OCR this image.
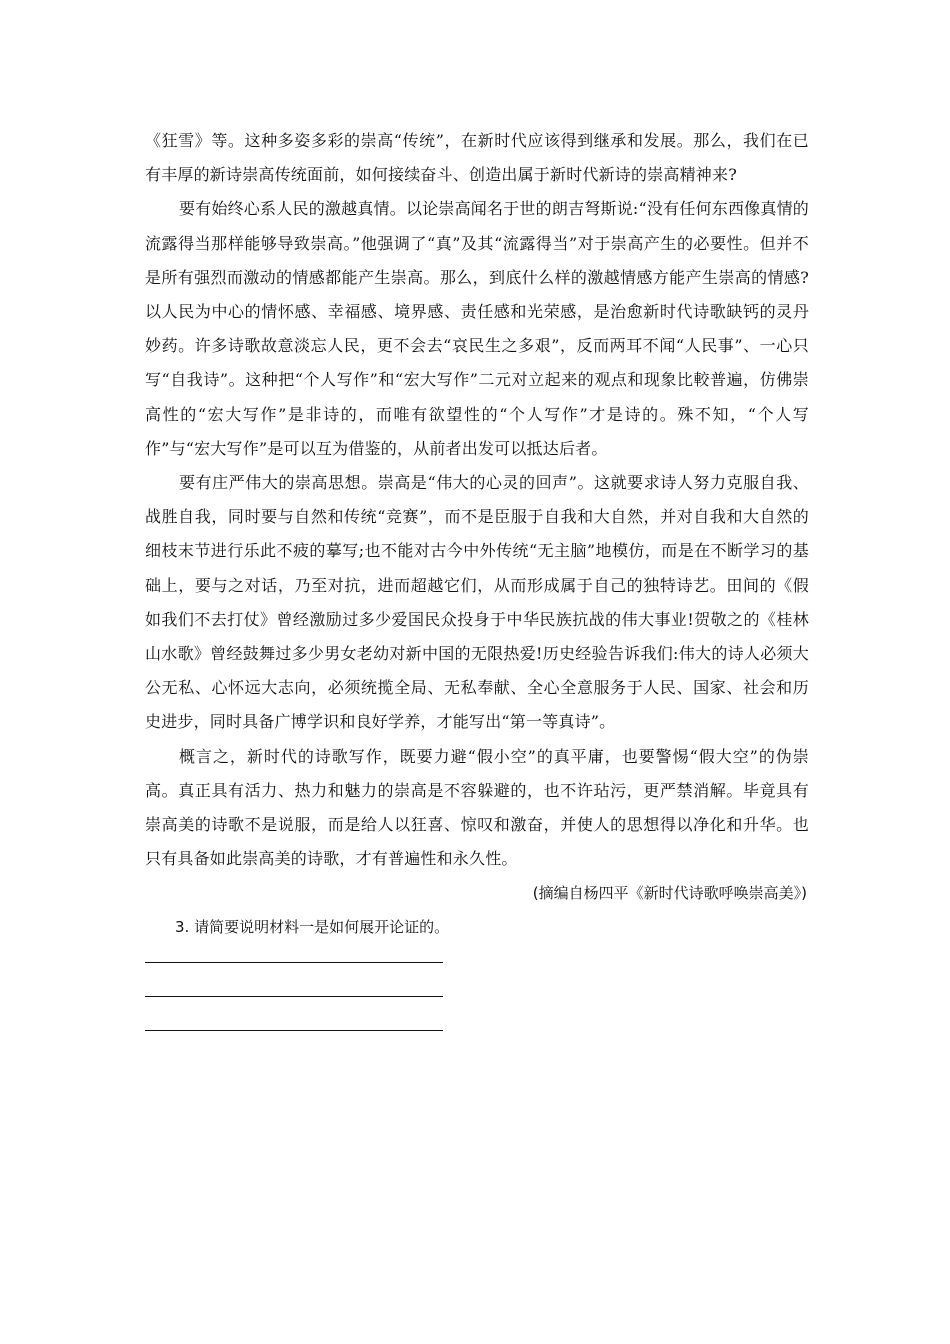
《狂雪》等。这种多姿多彩的崇高“传统”，在新时代应该得到继承和发展。那么，我们在已有丰厚的新诗崇高传统面前，如何接续奋斗、创造出属于新时代新诗的崇高精神来?

要有始终心系人民的激越真情。以论崇高闻名于世的朗吉弩斯说:“没有任何东西像真情的流露得当那样能够导致崇高。”他强调了“真”及其“流露得当”对于崇高产生的必要性。但并不是所有强烈而激动的情感都能产生崇高。那么，到底什么样的激越情感方能产生崇高的情感?以人民为中心的情怀感、幸福感、境界感、责任感和光荣感，是治愈新时代诗歌缺钙的灵丹妙药。许多诗歌故意淡忘人民，更不会去“哀民生之多艰”，反而两耳不闻“人民事”、一心只写“自我诗”。这种把“个人写作”和“宏大写作”二元对立起来的观点和现象比較普遍，仿佛崇高性的“宏大写作”是非诗的，而唯有欲望性的“个人写作”才是诗的。殊不知，“个人写作”与“宏大写作”是可以互为借鉴的，从前者出发可以抵达后者。

要有庄严伟大的崇高思想。崇高是“伟大的心灵的回声”。这就要求诗人努力克服自我、战胜自我，同时要与自然和传统“竞赛”，而不是臣服于自我和大自然，并对自我和大自然的细枝末节进行乐此不疲的摹写;也不能对古今中外传统“无主脑”地模仿，而是在不断学习的基础上，要与之对话，乃至对抗，进而超越它们，从而形成属于自己的独特诗艺。田间的《假如我们不去打仗》曾经激励过多少爱国民众投身于中华民族抗战的伟大事业!贺敬之的《桂林山水歌》曾经鼓舞过多少男女老幼对新中国的无限热爱!历史经验告诉我们:伟大的诗人必须大公无私、心怀远大志向，必须统揽全局、无私奉献、全心全意服务于人民、国家、社会和历史进步，同时具备广博学识和良好学养，才能写出“第一等真诗”。

概言之，新时代的诗歌写作，既要力避“假小空”的真平庸，也要警惕“假大空”的伪崇高。真正具有活力、热力和魅力的崇高是不容躲避的，也不许玷污，更严禁消解。毕竟具有崇高美的诗歌不是说服，而是给人以狂喜、惊叹和激奋，并使人的思想得以净化和升华。也只有具备如此崇高美的诗歌，才有普遍性和永久性。

(摘编自杨四平《新时代诗歌呼唤崇高美》)

3. 请简要说明材料一是如何展开论证的。
